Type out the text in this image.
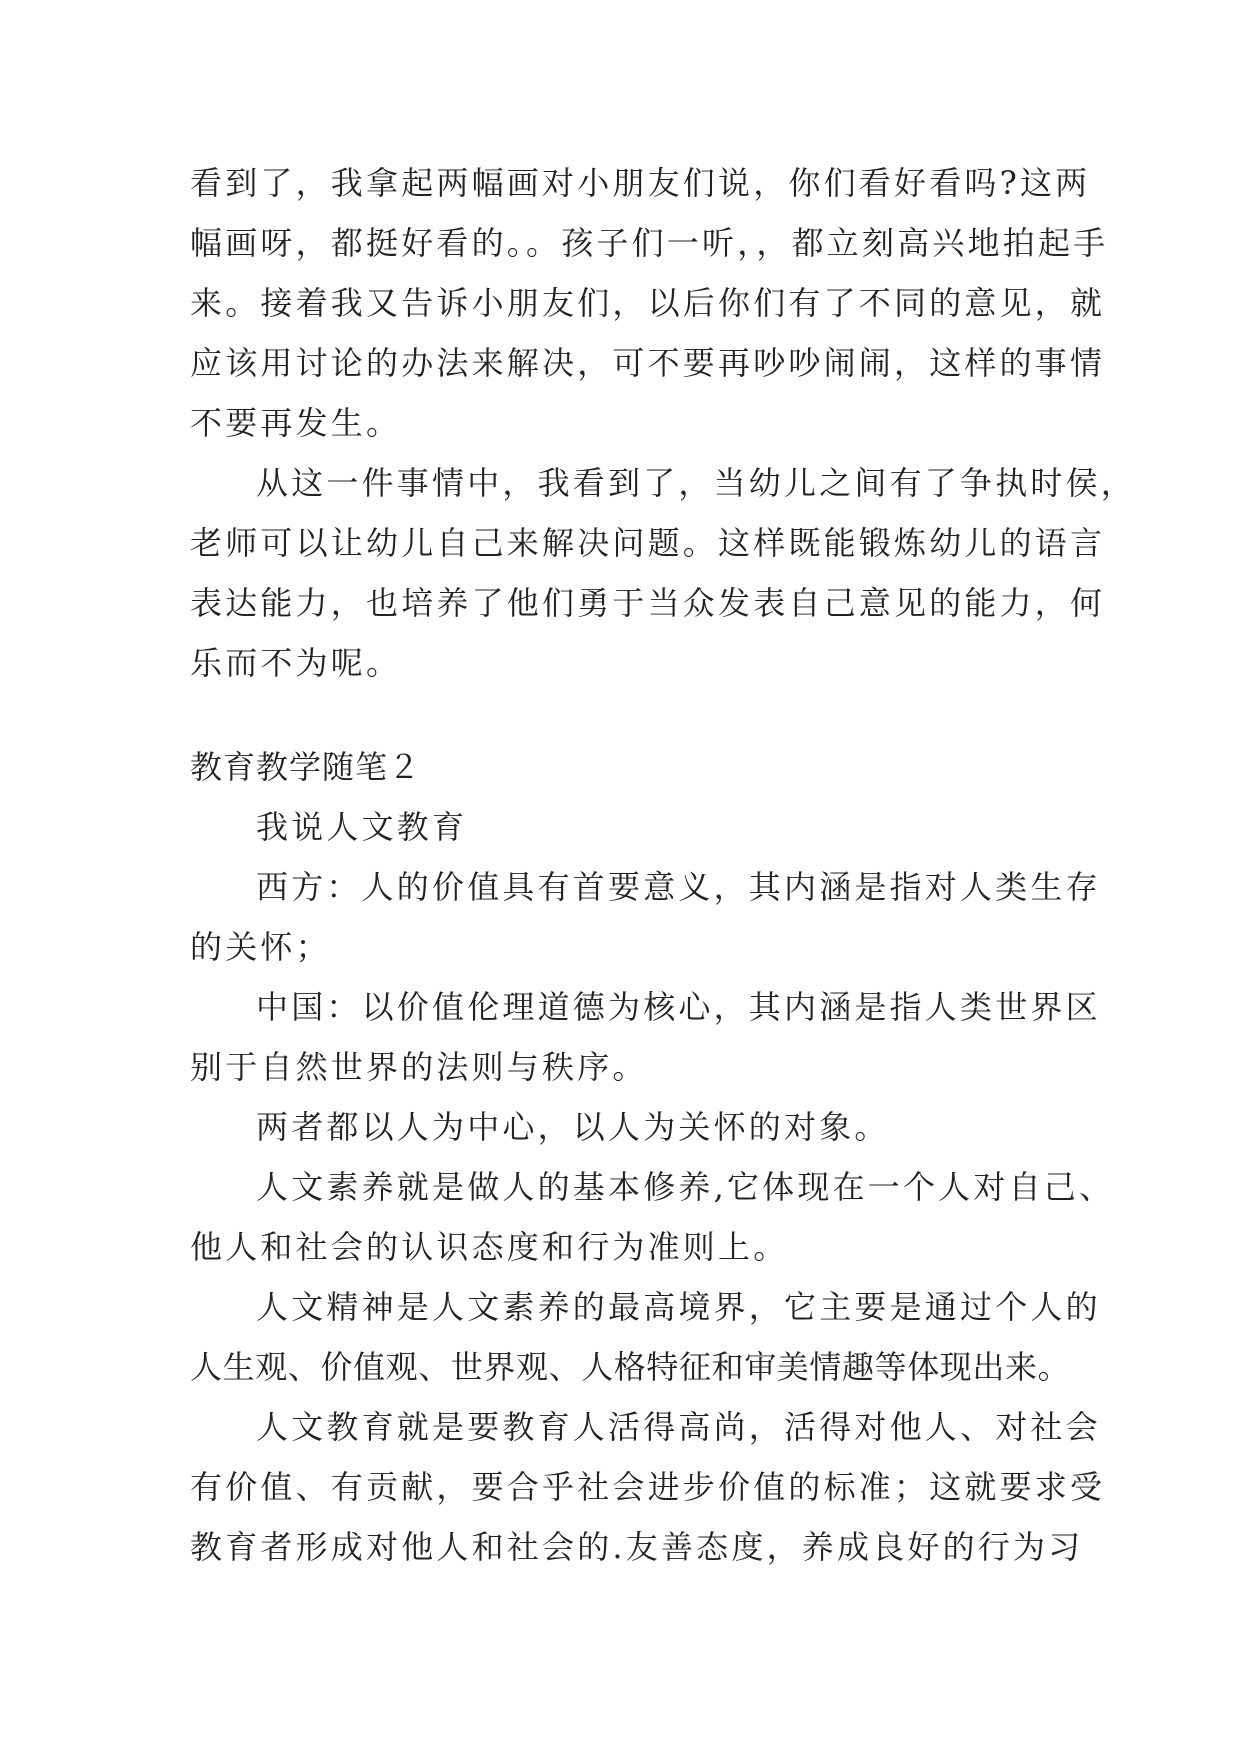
看到了，我拿起两幅画对小朋友们说，你们看好看吗?这两
幅画呀，都挺好看的。。孩子们一听，，都立刻高兴地拍起手
来。接着我又告诉小朋友们，以后你们有了不同的意见，就
应该用讨论的办法来解决，可不要再吵吵闹闹，这样的事情
不要再发生。
从这一件事情中，我看到了，当幼儿之间有了争执时侯，
老师可以让幼儿自己来解决问题。这样既能锻炼幼儿的语言
表达能力，也培养了他们勇于当众发表自己意见的能力，何
乐而不为呢。
教育教学随笔２
我说人文教育
西方：人的价值具有首要意义，其内涵是指对人类生存
的关怀；
中国：以价值伦理道德为核心，其内涵是指人类世界区
别于自然世界的法则与秩序。
两者都以人为中心，以人为关怀的对象。
人文素养就是做人的基本修养,它体现在一个人对自己、
他人和社会的认识态度和行为准则上。
人文精神是人文素养的最高境界，它主要是通过个人的
人生观、价值观、世界观、人格特征和审美情趣等体现出来。
人文教育就是要教育人活得高尚，活得对他人、对社会
有价值、有贡献，要合乎社会进步价值的标准；这就要求受
教育者形成对他人和社会的.友善态度，养成良好的行为习
